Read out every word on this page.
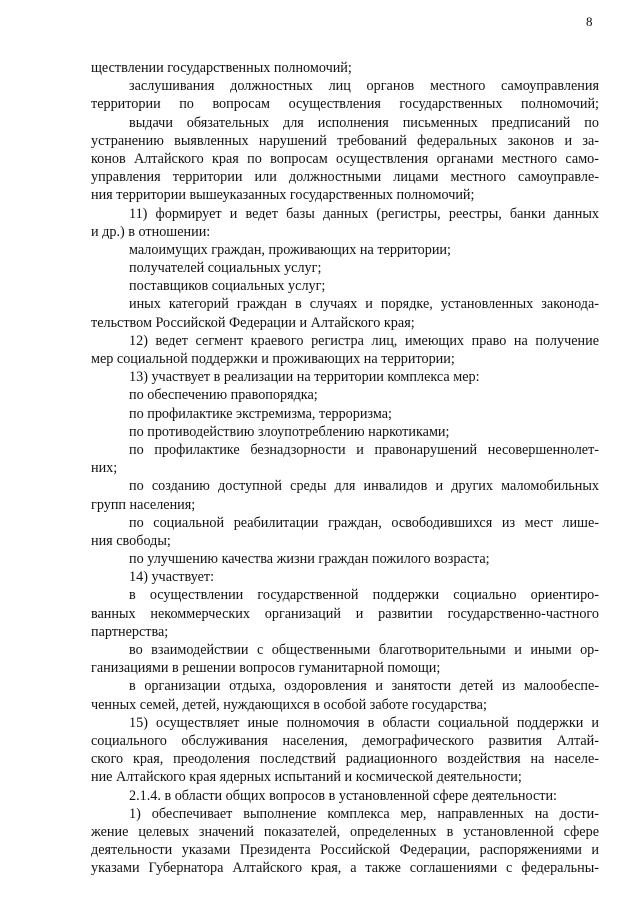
8
ществлении государственных полномочий;
заслушивания должностных лиц органов местного самоуправления
территории по вопросам осуществления государственных полномочий;
выдачи обязательных для исполнения письменных предписаний по
устранению выявленных нарушений требований федеральных законов и за-
конов Алтайского края по вопросам осуществления органами местного само-
управления территории или должностными лицами местного самоуправле-
ния территории вышеуказанных государственных полномочий;
11) формирует и ведет базы данных (регистры, реестры, банки данных
и др.) в отношении:
малоимущих граждан, проживающих на территории;
получателей социальных услуг;
поставщиков социальных услуг;
иных категорий граждан в случаях и порядке, установленных законода-
тельством Российской Федерации и Алтайского края;
12) ведет сегмент краевого регистра лиц, имеющих право на получение
мер социальной поддержки и проживающих на территории;
13) участвует в реализации на территории комплекса мер:
по обеспечению правопорядка;
по профилактике экстремизма, терроризма;
по противодействию злоупотреблению наркотиками;
по профилактике безнадзорности и правонарушений несовершеннолет-
них;
по созданию доступной среды для инвалидов и других маломобильных
групп населения;
по социальной реабилитации граждан, освободившихся из мест лише-
ния свободы;
по улучшению качества жизни граждан пожилого возраста;
14) участвует:
в осуществлении государственной поддержки социально ориентиро-
ванных некоммерческих организаций и развитии государственно-частного
партнерства;
во взаимодействии с общественными благотворительными и иными ор-
ганизациями в решении вопросов гуманитарной помощи;
в организации отдыха, оздоровления и занятости детей из малообеспе-
ченных семей, детей, нуждающихся в особой заботе государства;
15) осуществляет иные полномочия в области социальной поддержки и
социального обслуживания населения, демографического развития Алтай-
ского края, преодоления последствий радиационного воздействия на населе-
ние Алтайского края ядерных испытаний и космической деятельности;
2.1.4. в области общих вопросов в установленной сфере деятельности:
1) обеспечивает выполнение комплекса мер, направленных на дости-
жение целевых значений показателей, определенных в установленной сфере
деятельности указами Президента Российской Федерации, распоряжениями и
указами Губернатора Алтайского края, а также соглашениями с федеральны-
